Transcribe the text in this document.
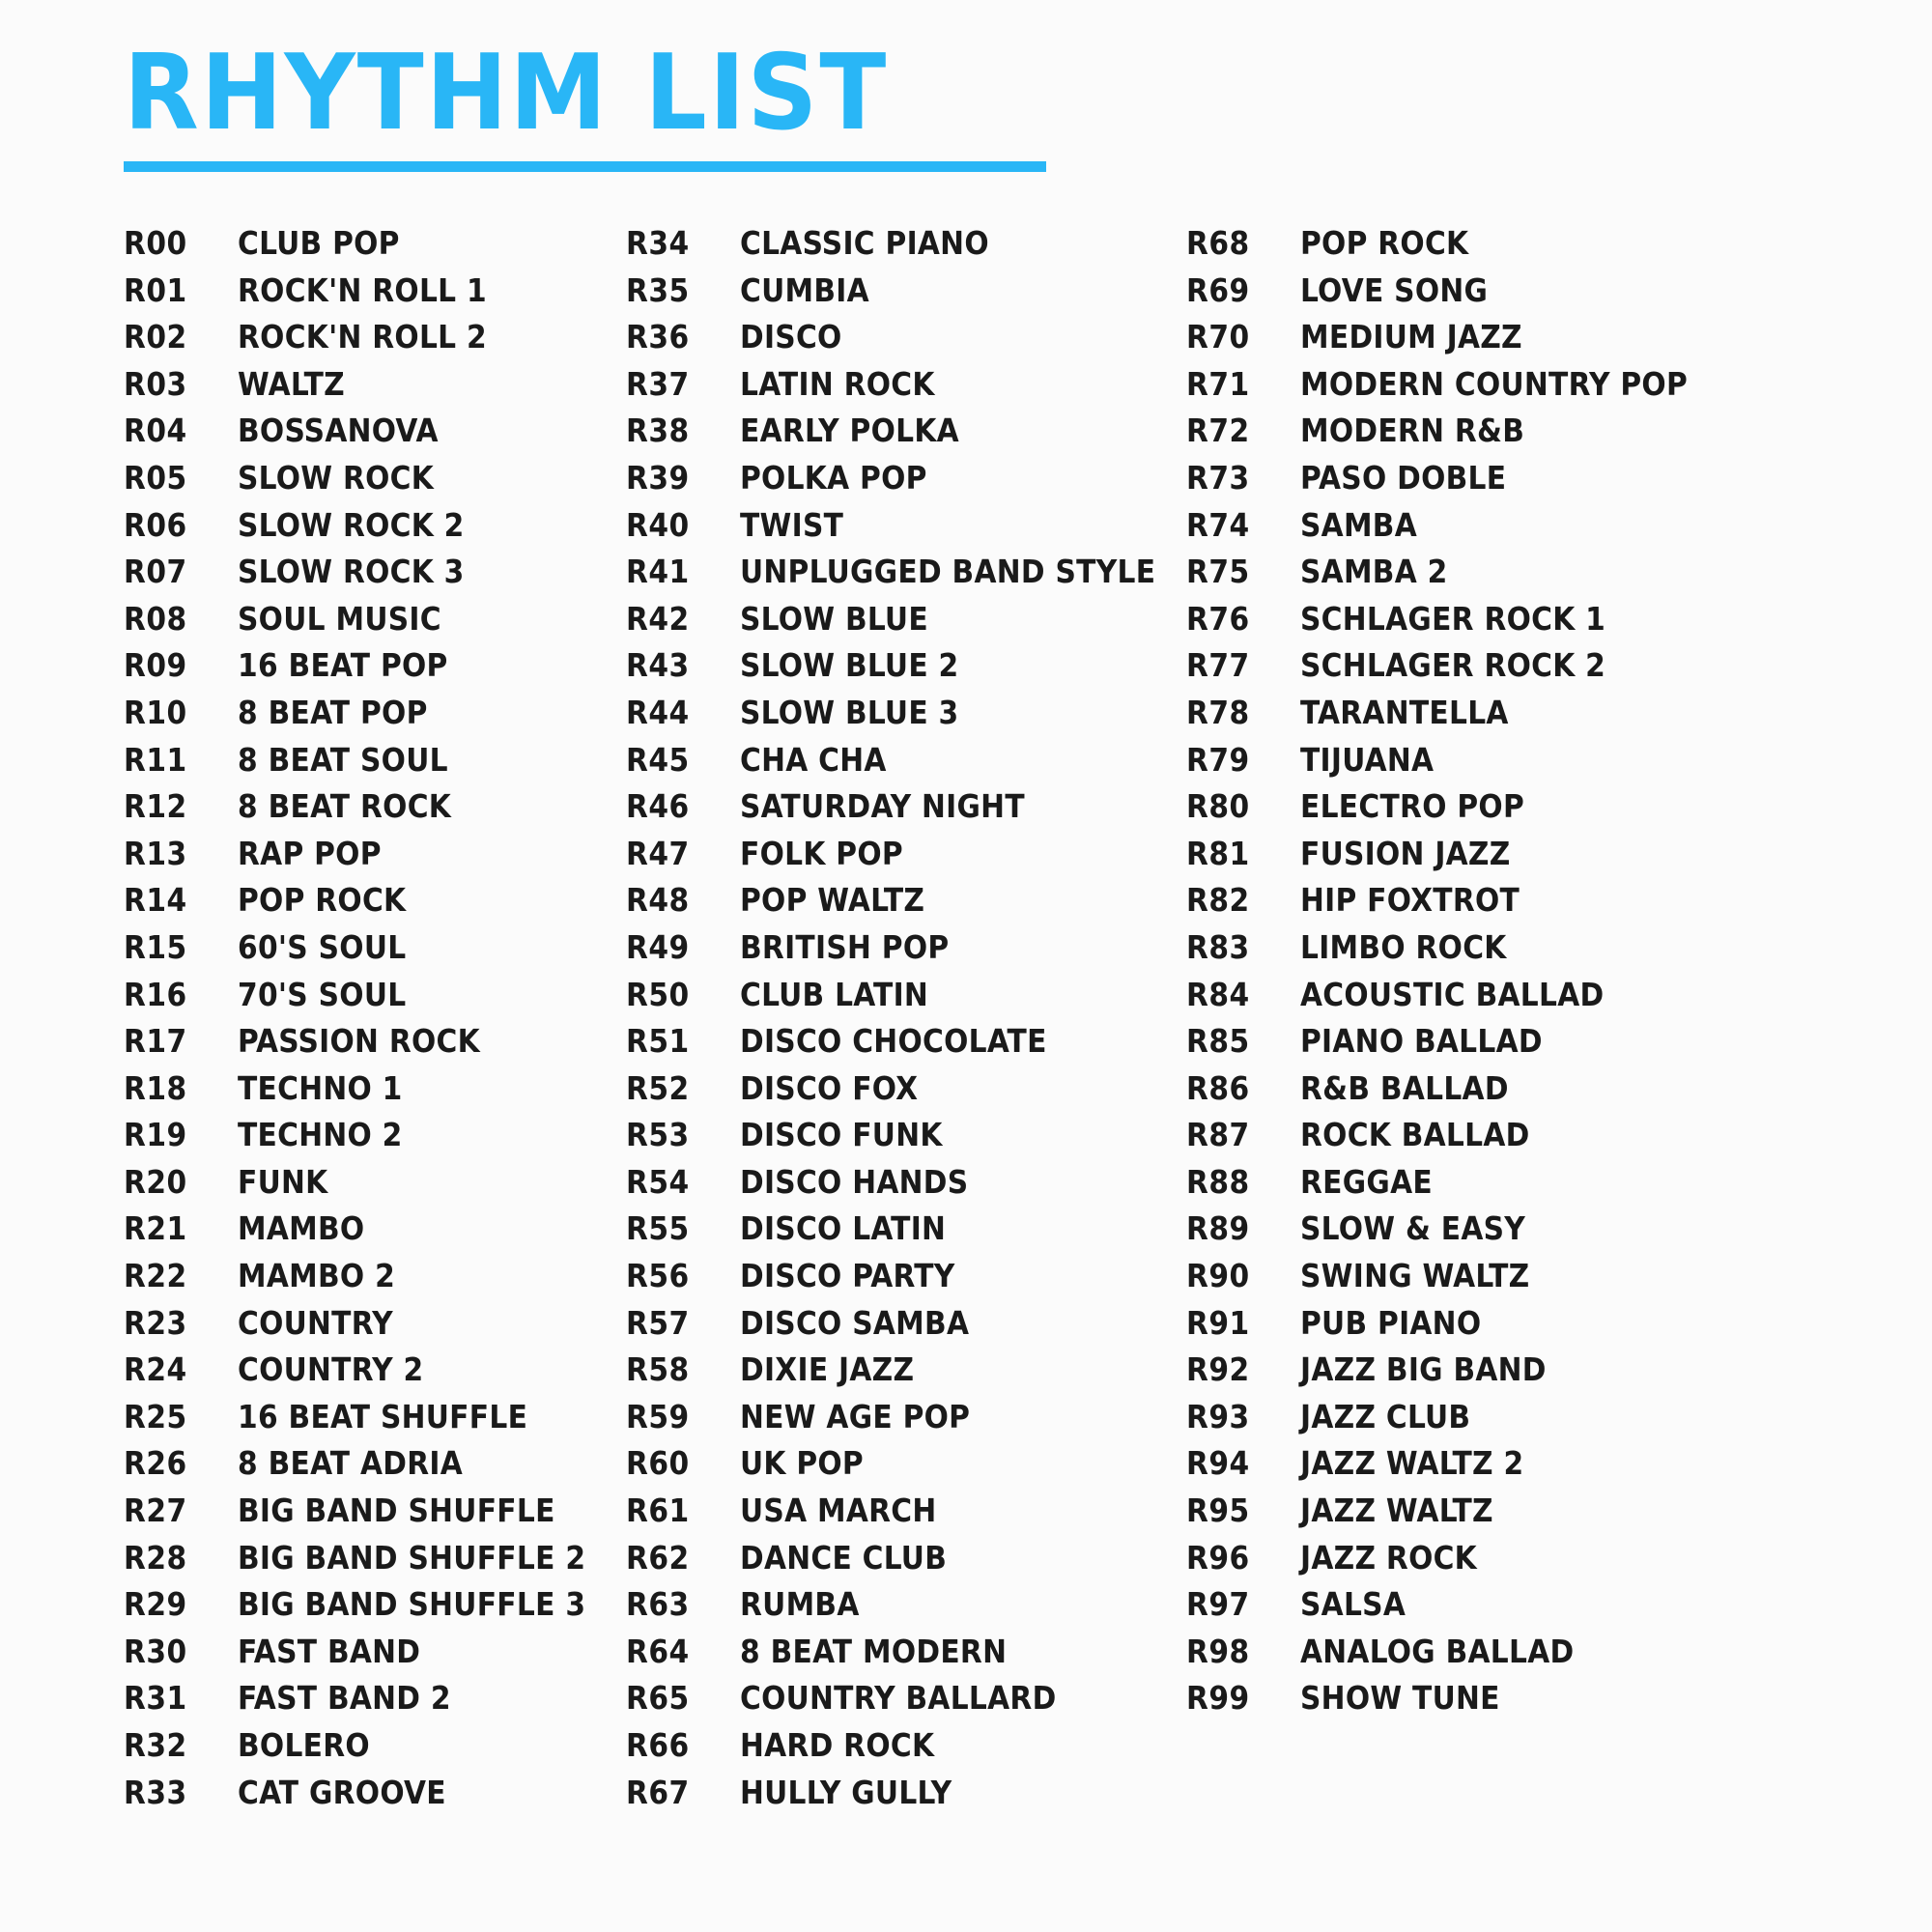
RHYTHM LIST
R00	CLUB POP
R01	ROCK'N ROLL 1
R02	ROCK'N ROLL 2
R03	WALTZ
R04	BOSSANOVA
R05	SLOW ROCK
R06	SLOW ROCK 2
R07	SLOW ROCK 3
R08	SOUL MUSIC
R09	16 BEAT POP
R10	8 BEAT POP
R11	8 BEAT SOUL
R12	8 BEAT ROCK
R13	RAP POP
R14	POP ROCK
R15	60'S SOUL
R16	70'S SOUL
R17	PASSION ROCK
R18	TECHNO 1
R19	TECHNO 2
R20	FUNK
R21	MAMBO
R22	MAMBO 2
R23	COUNTRY
R24	COUNTRY 2
R25	16 BEAT SHUFFLE
R26	8 BEAT ADRIA
R27	BIG BAND SHUFFLE
R28	BIG BAND SHUFFLE 2
R29	BIG BAND SHUFFLE 3
R30	FAST BAND
R31	FAST BAND 2
R32	BOLERO
R33	CAT GROOVE
R34	CLASSIC PIANO
R35	CUMBIA
R36	DISCO
R37	LATIN ROCK
R38	EARLY POLKA
R39	POLKA POP
R40	TWIST
R41	UNPLUGGED BAND STYLE
R42	SLOW BLUE
R43	SLOW BLUE 2
R44	SLOW BLUE 3
R45	CHA CHA
R46	SATURDAY NIGHT
R47	FOLK POP
R48	POP WALTZ
R49	BRITISH POP
R50	CLUB LATIN
R51	DISCO CHOCOLATE
R52	DISCO FOX
R53	DISCO FUNK
R54	DISCO HANDS
R55	DISCO LATIN
R56	DISCO PARTY
R57	DISCO SAMBA
R58	DIXIE JAZZ
R59	NEW AGE POP
R60	UK POP
R61	USA MARCH
R62	DANCE CLUB
R63	RUMBA
R64	8 BEAT MODERN
R65	COUNTRY BALLARD
R66	HARD ROCK
R67	HULLY GULLY
R68	POP ROCK
R69	LOVE SONG
R70	MEDIUM JAZZ
R71	MODERN COUNTRY POP
R72	MODERN R&B
R73	PASO DOBLE
R74	SAMBA
R75	SAMBA 2
R76	SCHLAGER ROCK 1
R77	SCHLAGER ROCK 2
R78	TARANTELLA
R79	TIJUANA
R80	ELECTRO POP
R81	FUSION JAZZ
R82	HIP FOXTROT
R83	LIMBO ROCK
R84	ACOUSTIC BALLAD
R85	PIANO BALLAD
R86	R&B BALLAD
R87	ROCK BALLAD
R88	REGGAE
R89	SLOW & EASY
R90	SWING WALTZ
R91	PUB PIANO
R92	JAZZ BIG BAND
R93	JAZZ CLUB
R94	JAZZ WALTZ 2
R95	JAZZ WALTZ
R96	JAZZ ROCK
R97	SALSA
R98	ANALOG BALLAD
R99	SHOW TUNE
